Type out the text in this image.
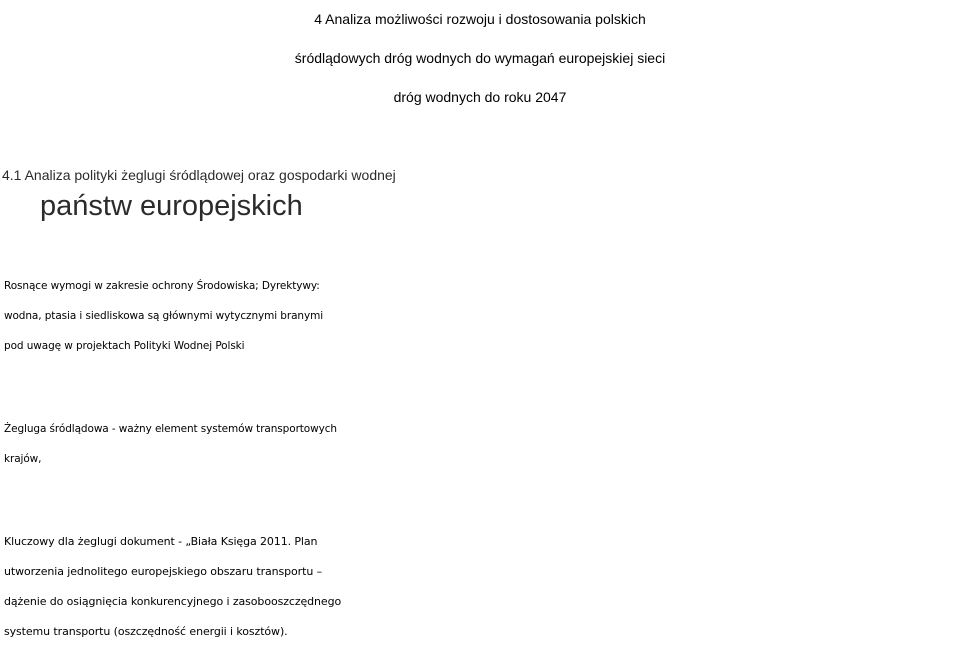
4 Analiza możliwości rozwoju i dostosowania polskich
śródlądowych dróg wodnych do wymagań europejskiej sieci
dróg wodnych do roku 2047
4.1 Analiza polityki żeglugi śródlądowej oraz gospodarki wodnej
państw europejskich

Rosnące wymogi w zakresie ochrony Środowiska; Dyrektywy:
wodna, ptasia i siedliskowa są głównymi wytycznymi branymi
pod uwagę w projektach Polityki Wodnej Polski

Żegluga śródlądowa - ważny element systemów transportowych
krajów,

Kluczowy dla żeglugi dokument - „Biała Księga 2011. Plan
utworzenia jednolitego europejskiego obszaru transportu –
dążenie do osiągnięcia konkurencyjnego i zasobooszczędnego
systemu transportu (oszczędność energii i kosztów).
